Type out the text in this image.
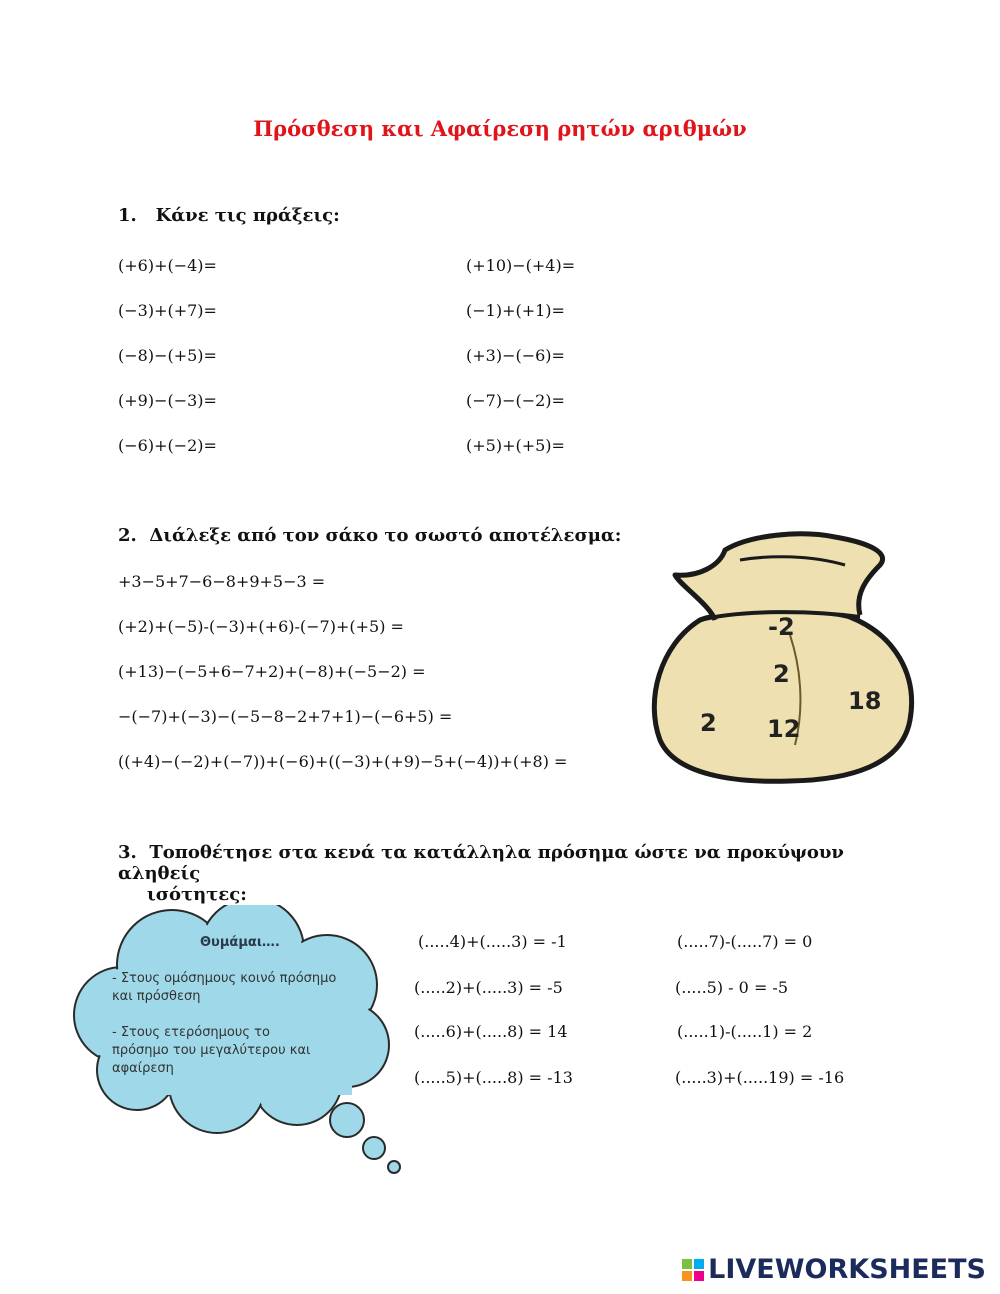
Πρόσθεση και Αφαίρεση ρητών αριθμών
1. Κάνε τις πράξεις:
(+6)+(−4)=
(−3)+(+7)=
(−8)−(+5)=
(+9)−(−3)=
(−6)+(−2)=
(+10)−(+4)=
(−1)+(+1)=
(+3)−(−6)=
(−7)−(−2)=
(+5)+(+5)=
2. Διάλεξε από τον σάκο το σωστό αποτέλεσμα:
+3−5+7−6−8+9+5−3 =
(+2)+(−5)-(−3)+(+6)-(−7)+(+5) =
(+13)−(−5+6−7+2)+(−8)+(−5−2) =
−(−7)+(−3)−(−5−8−2+7+1)−(−6+5) =
((+4)−(−2)+(−7))+(−6)+((−3)+(+9)−5+(−4))+(+8) =
-2
2
18
2 12
3. Τοποθέτησε στα κενά τα κατάλληλα πρόσημα ώστε να προκύψουν αληθείς
ισότητες:
Θυμάμαι….
- Στους ομόσημους κοινό πρόσημο
και πρόσθεση
- Στους ετερόσημους το
πρόσημο του μεγαλύτερου και
αφαίρεση
(.....4)+(.....3) = -1
(.....2)+(.....3) = -5
(.....6)+(.....8) = 14
(.....5)+(.....8) = -13
(.....7)-(.....7) = 0
(.....5) - 0 = -5
(.....1)-(.....1) = 2
(.....3)+(.....19) = -16
LIVEWORKSHEETS
